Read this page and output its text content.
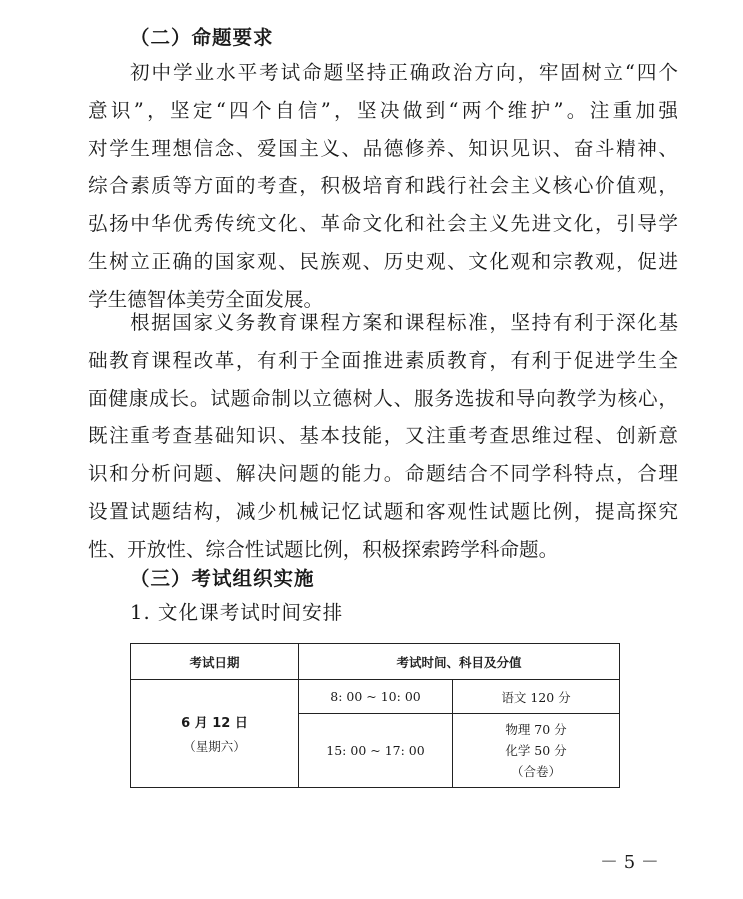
（二）命题要求
初中学业水平考试命题坚持正确政治方向，牢固树立“四个
意识”，坚定“四个自信”，坚决做到“两个维护”。注重加强
对学生理想信念、爱国主义、品德修养、知识见识、奋斗精神、
综合素质等方面的考查，积极培育和践行社会主义核心价值观，
弘扬中华优秀传统文化、革命文化和社会主义先进文化，引导学
生树立正确的国家观、民族观、历史观、文化观和宗教观，促进
学生德智体美劳全面发展。
根据国家义务教育课程方案和课程标准，坚持有利于深化基
础教育课程改革，有利于全面推进素质教育，有利于促进学生全
面健康成长。试题命制以立德树人、服务选拔和导向教学为核心，
既注重考查基础知识、基本技能，又注重考查思维过程、创新意
识和分析问题、解决问题的能力。命题结合不同学科特点，合理
设置试题结构，减少机械记忆试题和客观性试题比例，提高探究
性、开放性、综合性试题比例，积极探索跨学科命题。
（三）考试组织实施
1. 文化课考试时间安排
考试日期	考试时间、科目及分值	

6 月 12 日
（星期六）	8: 00 ~ 10: 00	语文 120 分
	15: 00 ~ 17: 00	物理 70 分
化学 50 分
（合卷）
－ 5 －
